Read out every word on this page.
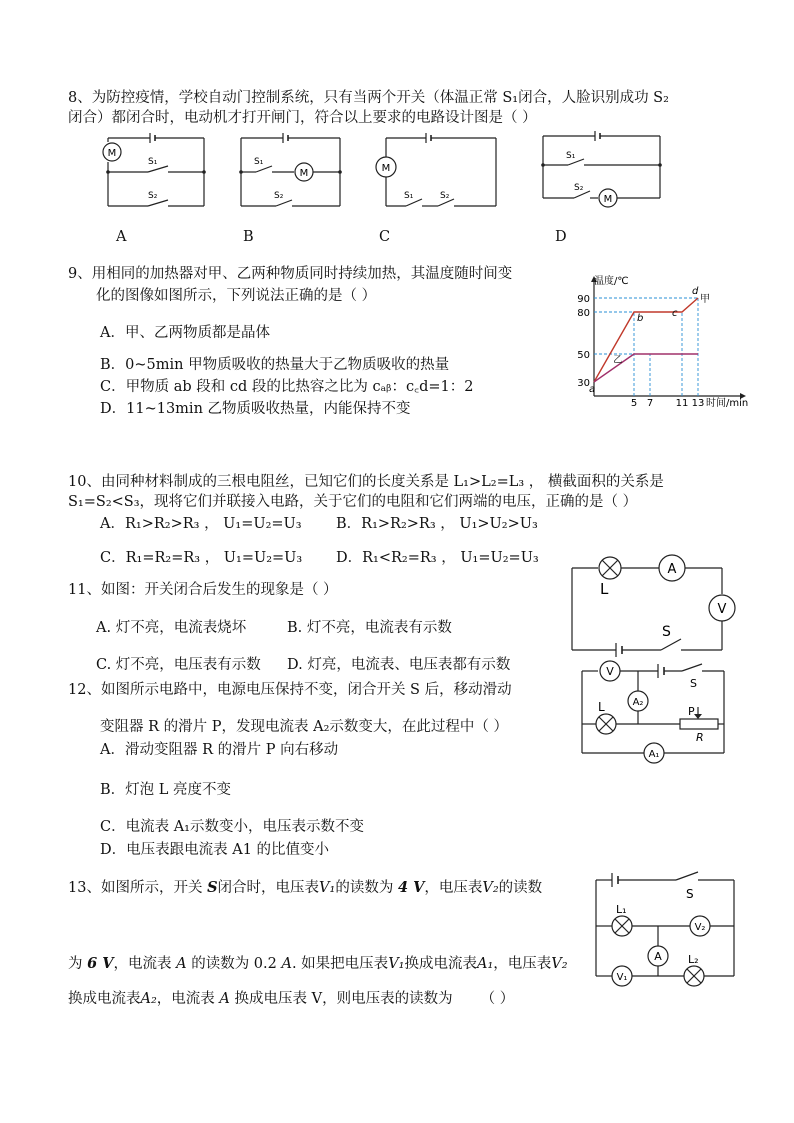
8、为防控疫情，学校自动门控制系统，只有当两个开关（体温正常 S₁闭合，人脸识别成功 S₂
闭合）都闭合时，电动机才打开闸门，符合以上要求的电路设计图是（ ）
M
S₁
S₂
S₁
M
S₂
M
S₁	S₂
S₁
S₂
M
A	B	C	D
9、用相同的加热器对甲、乙两种物质同时持续加热，其温度随时间变
化的图像如图所示，下列说法正确的是（ ）
A．甲、乙两物质都是晶体
B．0~5min 甲物质吸收的热量大于乙物质吸收的热量
C．甲物质 ab 段和 cd 段的比热容之比为 cₐᵦ：c꜀d=1：2
D．11~13min 乙物质吸收热量，内能保持不变
温度/℃
时间/min
30
50
80
90
5 7 11 13
甲
a
b	c
d
乙
10、由同种材料制成的三根电阻丝，已知它们的长度关系是 L₁>L₂=L₃ ， 横截面积的关系是
S₁=S₂<S₃，现将它们并联接入电路，关于它们的电阻和它们两端的电压，正确的是（ ）
A．R₁>R₂>R₃ ， U₁=U₂=U₃ B．R₁>R₂>R₃ ， U₁>U₂>U₃
C．R₁=R₂=R₃ ， U₁=U₂=U₃ D．R₁<R₂=R₃ ， U₁=U₂=U₃
11、如图：开关闭合后发生的现象是（ ）
A. 灯不亮，电流表烧坏	B. 灯不亮，电流表有示数
C. 灯不亮，电压表有示数 D. 灯亮，电流表、电压表都有示数
L
A
V
S
12、如图所示电路中，电源电压保持不变，闭合开关 S 后，移动滑动
变阻器 R 的滑片 P，发现电流表 A₂示数变大，在此过程中（ ）
A．滑动变阻器 R 的滑片 P 向右移动
B．灯泡 L 亮度不变
C．电流表 A₁示数变小，电压表示数不变
D．电压表跟电流表 A1 的比值变小
V
S
A₂
L	P
R
A₁
13、如图所示，开关 S闭合时，电压表V₁的读数为 4 V，电压表V₂的读数
为 6 V，电流表 A 的读数为 0.2 A. 如果把电压表V₁换成电流表A₁，电压表V₂
换成电流表A₂，电流表 A 换成电压表 V，则电压表的读数为 （ ）
S
L₁
V₂
A
V₁
L₂
